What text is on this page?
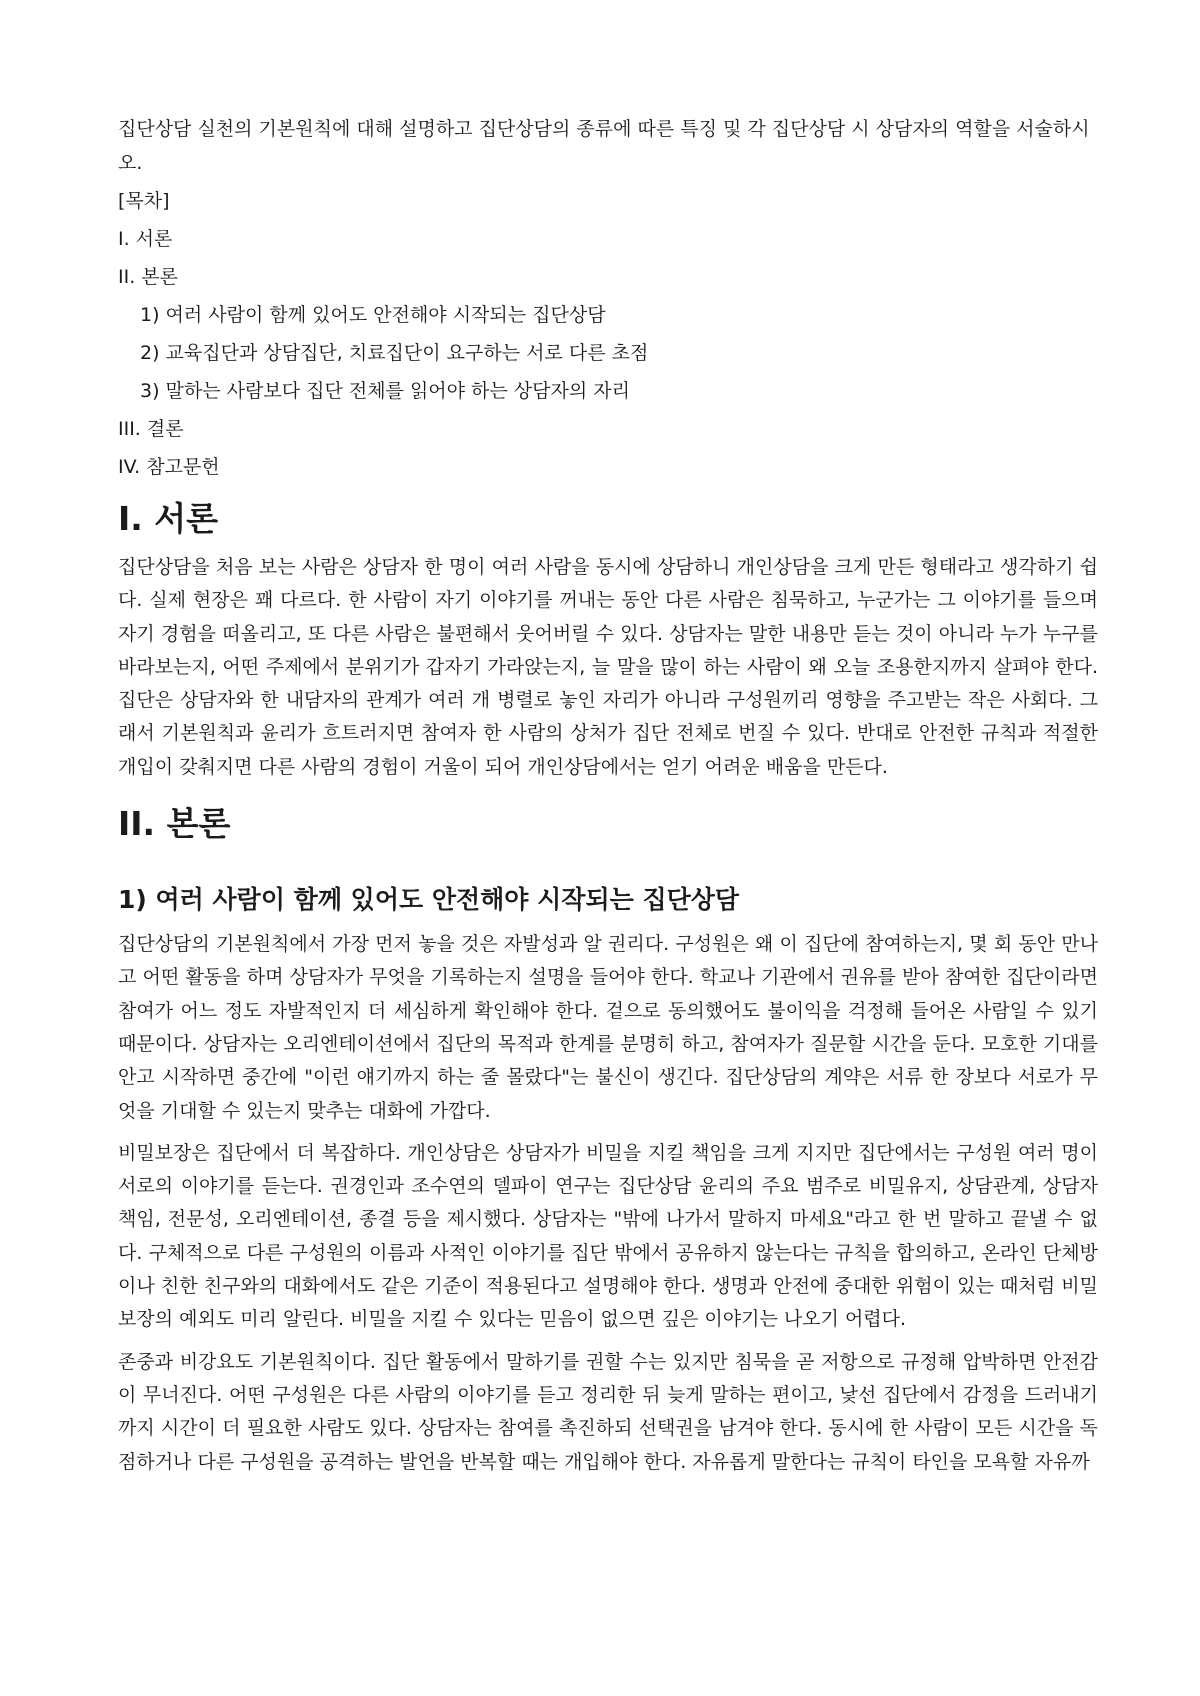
집단상담 실천의 기본원칙에 대해 설명하고 집단상담의 종류에 따른 특징 및 각 집단상담 시 상담자의 역할을 서술하시오.

[목차]

I. 서론

II. 본론

1) 여러 사람이 함께 있어도 안전해야 시작되는 집단상담

2) 교육집단과 상담집단, 치료집단이 요구하는 서로 다른 초점

3) 말하는 사람보다 집단 전체를 읽어야 하는 상담자의 자리

III. 결론

IV. 참고문헌

I. 서론

집단상담을 처음 보는 사람은 상담자 한 명이 여러 사람을 동시에 상담하니 개인상담을 크게 만든 형태라고 생각하기 쉽다. 실제 현장은 꽤 다르다. 한 사람이 자기 이야기를 꺼내는 동안 다른 사람은 침묵하고, 누군가는 그 이야기를 들으며 자기 경험을 떠올리고, 또 다른 사람은 불편해서 웃어버릴 수 있다. 상담자는 말한 내용만 듣는 것이 아니라 누가 누구를 바라보는지, 어떤 주제에서 분위기가 갑자기 가라앉는지, 늘 말을 많이 하는 사람이 왜 오늘 조용한지까지 살펴야 한다. 집단은 상담자와 한 내담자의 관계가 여러 개 병렬로 놓인 자리가 아니라 구성원끼리 영향을 주고받는 작은 사회다. 그래서 기본원칙과 윤리가 흐트러지면 참여자 한 사람의 상처가 집단 전체로 번질 수 있다. 반대로 안전한 규칙과 적절한 개입이 갖춰지면 다른 사람의 경험이 거울이 되어 개인상담에서는 얻기 어려운 배움을 만든다.

II. 본론
1) 여러 사람이 함께 있어도 안전해야 시작되는 집단상담

집단상담의 기본원칙에서 가장 먼저 놓을 것은 자발성과 알 권리다. 구성원은 왜 이 집단에 참여하는지, 몇 회 동안 만나고 어떤 활동을 하며 상담자가 무엇을 기록하는지 설명을 들어야 한다. 학교나 기관에서 권유를 받아 참여한 집단이라면 참여가 어느 정도 자발적인지 더 세심하게 확인해야 한다. 겉으로 동의했어도 불이익을 걱정해 들어온 사람일 수 있기 때문이다. 상담자는 오리엔테이션에서 집단의 목적과 한계를 분명히 하고, 참여자가 질문할 시간을 둔다. 모호한 기대를 안고 시작하면 중간에 "이런 얘기까지 하는 줄 몰랐다"는 불신이 생긴다. 집단상담의 계약은 서류 한 장보다 서로가 무엇을 기대할 수 있는지 맞추는 대화에 가깝다.

비밀보장은 집단에서 더 복잡하다. 개인상담은 상담자가 비밀을 지킬 책임을 크게 지지만 집단에서는 구성원 여러 명이 서로의 이야기를 듣는다. 권경인과 조수연의 델파이 연구는 집단상담 윤리의 주요 범주로 비밀유지, 상담관계, 상담자 책임, 전문성, 오리엔테이션, 종결 등을 제시했다. 상담자는 "밖에 나가서 말하지 마세요"라고 한 번 말하고 끝낼 수 없다. 구체적으로 다른 구성원의 이름과 사적인 이야기를 집단 밖에서 공유하지 않는다는 규칙을 합의하고, 온라인 단체방이나 친한 친구와의 대화에서도 같은 기준이 적용된다고 설명해야 한다. 생명과 안전에 중대한 위험이 있는 때처럼 비밀보장의 예외도 미리 알린다. 비밀을 지킬 수 있다는 믿음이 없으면 깊은 이야기는 나오기 어렵다.

존중과 비강요도 기본원칙이다. 집단 활동에서 말하기를 권할 수는 있지만 침묵을 곧 저항으로 규정해 압박하면 안전감이 무너진다. 어떤 구성원은 다른 사람의 이야기를 듣고 정리한 뒤 늦게 말하는 편이고, 낯선 집단에서 감정을 드러내기까지 시간이 더 필요한 사람도 있다. 상담자는 참여를 촉진하되 선택권을 남겨야 한다. 동시에 한 사람이 모든 시간을 독점하거나 다른 구성원을 공격하는 발언을 반복할 때는 개입해야 한다. 자유롭게 말한다는 규칙이 타인을 모욕할 자유까
